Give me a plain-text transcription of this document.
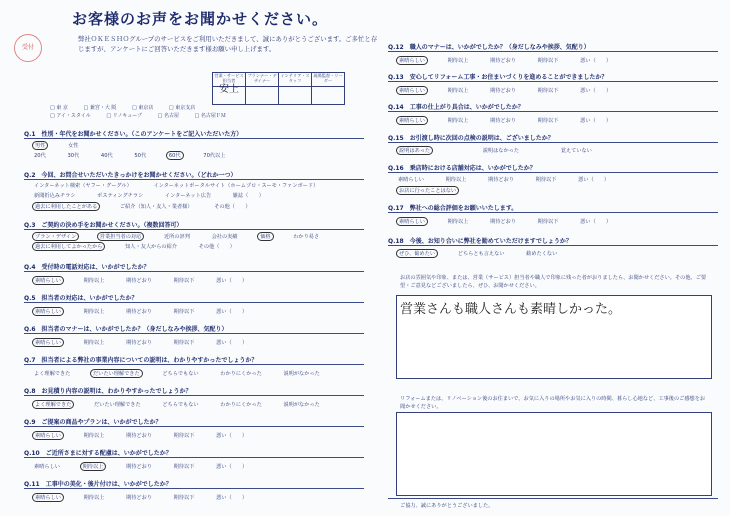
お客様のお声をお聞かせください。
受付
弊社ＯＫＥＳＨＯグループのサービスをご利用いただきまして、誠にありがとうございます。ご多忙と存じますが、アンケートにご回答いただきます様お願い申し上げます。
営業・サービス担当者	プランナー・デザイナー	インテリア・スタッフ	現場監督・リーダー
安上			
□ 東 京	□ 兼宮・大 阪	□ 東京店	□ 東京支店
□ アイ・スタイル	□ リノキューブ	□ 名古屋	□ 名古屋ＦＭ
Q.1　性別・年代をお聞かせください。（このアンケートをご記入いただいた方）
男性	女性
20代	30代	40代	50代	60代	70代以上
Q.2　今回、お問合せいただいたきっかけをお聞かせください。（どれか一つ）
インターネット検索（ヤフー・グーグル）	インターネットポータルサイト（ホームプロ・スーモ・ファンボード）
新聞折込みチラシ	ポスティングチラシ	インターネット広告	雑誌（　　）
過去に利用したことがある	ご紹介（知人・友人・業者様）	その他（　　）
Q.3　ご契約の決め手をお聞かせください。（複数回答可）
プラン・デザイン	営業担当者の対応	近所の評判	会社の実績	価格	わかり易さ
過去に利用してよかったから	知人・友人からの紹介	その他（　　）
Q.4　受付時の電話対応は、いかがでしたか？
素晴らしい	期待以上	期待どおり	期待以下	悪い（　　）
Q.5　担当者の対応は、いかがでしたか？
素晴らしい	期待以上	期待どおり	期待以下	悪い（　　）
Q.6　担当者のマナーは、いかがでしたか？（身だしなみや挨拶、気配り）
素晴らしい	期待以上	期待どおり	期待以下	悪い（　　）
Q.7　担当者による弊社の事業内容についての説明は、わかりやすかったでしょうか？
よく理解できた	だいたい理解できた	どちらでもない	わかりにくかった	説明がなかった
Q.8　お見積り内容の説明は、わかりやすかったでしょうか？
よく理解できた	だいたい理解できた	どちらでもない	わかりにくかった	説明がなかった
Q.9　ご提案の商品やプランは、いかがでしたか？
素晴らしい	期待以上	期待どおり	期待以下	悪い（　　）
Q.10　ご近所さまに対する配慮は、いかがでしたか？
素晴らしい	期待以上	期待どおり	期待以下	悪い（　　）
Q.11　工事中の美化・後片付けは、いかがでしたか？
素晴らしい	期待以上	期待どおり	期待以下	悪い（　　）
Q.12　職人のマナーは、いかがでしたか？（身だしなみや挨拶、気配り）
素晴らしい	期待以上	期待どおり	期待以下	悪い（　　）
Q.13　安心してリフォーム工事・お住まいづくりを進めることができましたか？
素晴らしい	期待以上	期待どおり	期待以下	悪い（　　）
Q.14　工事の仕上がり具合は、いかがでしたか？
素晴らしい	期待以上	期待どおり	期待以下	悪い（　　）
Q.15　お引渡し時に次回の点検の説明は、ございましたか？
説明はあった	説明はなかった	覚えていない
Q.16　乗店時における店舗対応は、いかがでしたか？
素晴らしい	期待以上	期待どおり	期待以下	悪い（　　）
お店に行ったことはない
Q.17　弊社への総合評価をお願いいたします。
素晴らしい	期待以上	期待どおり	期待以下	悪い（　　）
Q.18　今後、お知り合いに弊社を勧めていただけますでしょうか？
ぜひ、勧めたい	どちらとも言えない	勧めたくない
お店の雰囲気や印象、または、営業（サービス）担当者や職人で印象に残った者がおりましたら、お聞かせください。その他、ご要望・ご意見などございましたら、ぜひ、お聞かせください。
営業さんも職人さんも素晴しかった。
リフォームまたは、リノベーション後のお住まいで、お気に入りの場所やお気に入りの時間、暮らし心地など、工事後のご感想をお聞かせください。
ご協力、誠にありがとうございました。
